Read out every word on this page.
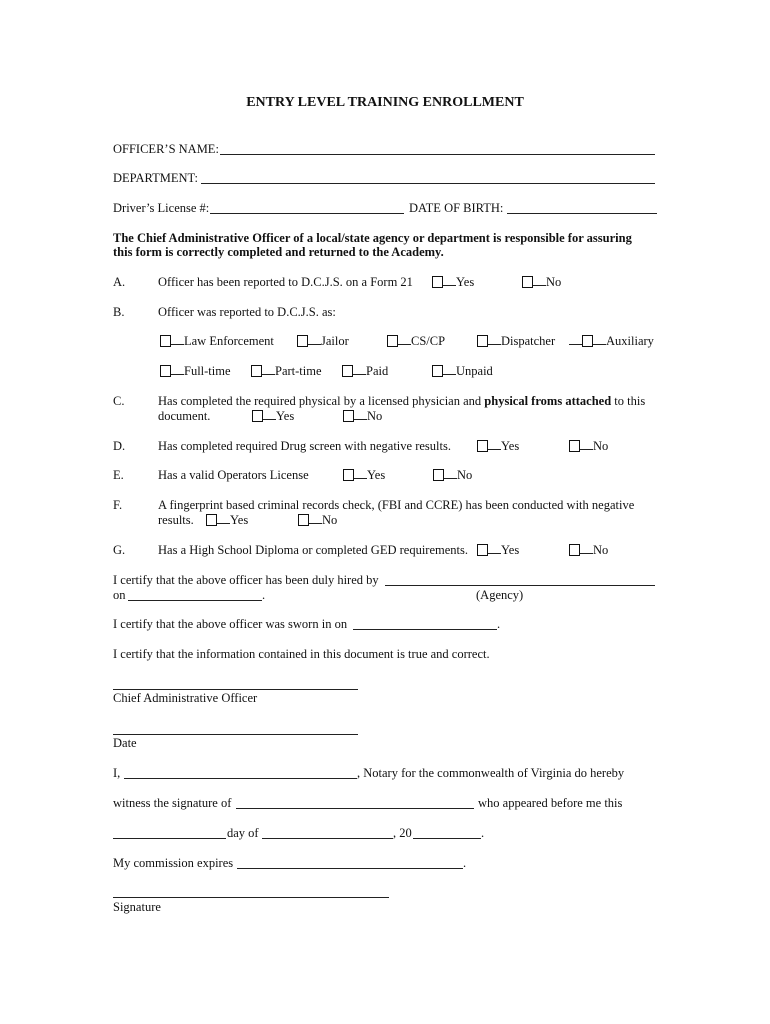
ENTRY LEVEL TRAINING ENROLLMENT
OFFICER’S NAME:
DEPARTMENT:
Driver’s License #:	DATE OF BIRTH:
The Chief Administrative Officer of a local/state agency or department is responsible for assuring
this form is correctly completed and returned to the Academy.
A.	Officer has been reported to D.C.J.S. on a Form 21	Yes	No
B.	Officer was reported to D.C.J.S. as:
Law Enforcement	Jailor	CS/CP	Dispatcher	Auxiliary
Full-time	Part-time	Paid	Unpaid
C.	Has completed the required physical by a licensed physician and physical froms attached to this
document.	Yes	No
D.	Has completed required Drug screen with negative results.	Yes	No
E.	Has a valid Operators License	Yes	No
F.	A fingerprint based criminal records check, (FBI and CCRE) has been conducted with negative
results.	Yes	No
G.	Has a High School Diploma or completed GED requirements.	Yes	No
I certify that the above officer has been duly hired by
on	.	(Agency)
I certify that the above officer was sworn in on	.
I certify that the information contained in this document is true and correct.
Chief Administrative Officer
Date
I,	, Notary for the commonwealth of Virginia do hereby
witness the signature of	who appeared before me this
day of	, 20	.
My commission expires	.
Signature
